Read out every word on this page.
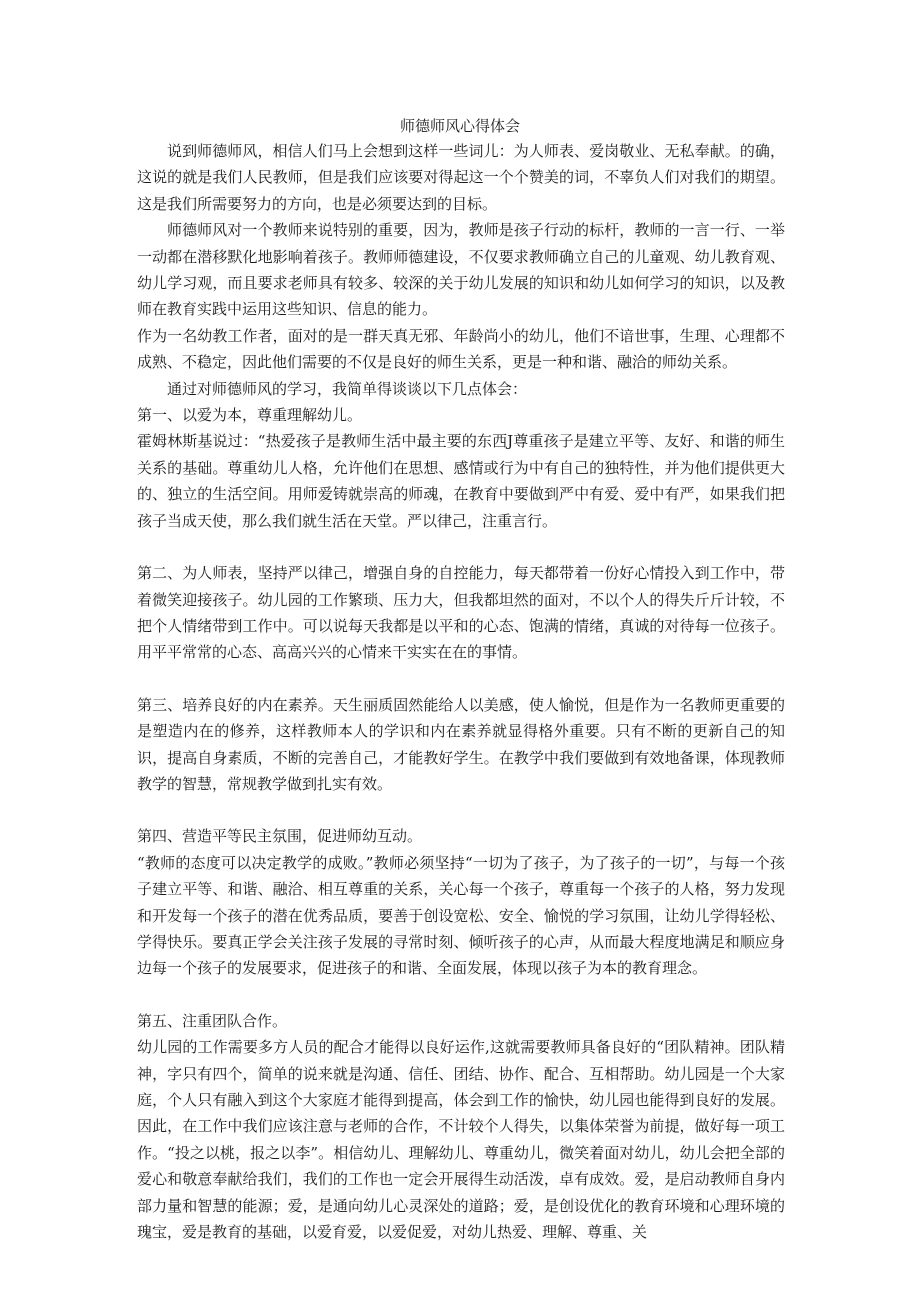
师德师风心得体会

说到师德师风，相信人们马上会想到这样一些词儿：为人师表、爱岗敬业、无私奉献。的确，这说的就是我们人民教师，但是我们应该要对得起这一个个赞美的词，不辜负人们对我们的期望。这是我们所需要努力的方向，也是必须要达到的目标。

师德师风对一个教师来说特别的重要，因为，教师是孩子行动的标杆，教师的一言一行、一举一动都在潜移默化地影响着孩子。教师师德建设，不仅要求教师确立自己的儿童观、幼儿教育观、幼儿学习观，而且要求老师具有较多、较深的关于幼儿发展的知识和幼儿如何学习的知识，以及教师在教育实践中运用这些知识、信息的能力。

作为一名幼教工作者，面对的是一群天真无邪、年龄尚小的幼儿，他们不谙世事，生理、心理都不成熟、不稳定，因此他们需要的不仅是良好的师生关系，更是一种和谐、融洽的师幼关系。

通过对师德师风的学习，我简单得谈谈以下几点体会：

第一、以爱为本，尊重理解幼儿。

霍姆林斯基说过：“热爱孩子是教师生活中最主要的东西J尊重孩子是建立平等、友好、和谐的师生关系的基础。尊重幼儿人格，允许他们在思想、感情或行为中有自己的独特性，并为他们提供更大的、独立的生活空间。用师爱铸就崇高的师魂，在教育中要做到严中有爱、爱中有严，如果我们把孩子当成天使，那么我们就生活在天堂。严以律己，注重言行。

第二、为人师表，坚持严以律己，增强自身的自控能力，每天都带着一份好心情投入到工作中，带着微笑迎接孩子。幼儿园的工作繁琐、压力大，但我都坦然的面对，不以个人的得失斤斤计较，不把个人情绪带到工作中。可以说每天我都是以平和的心态、饱满的情绪，真诚的对待每一位孩子。用平平常常的心态、高高兴兴的心情来干实实在在的事情。

第三、培养良好的内在素养。天生丽质固然能给人以美感，使人愉悦，但是作为一名教师更重要的是塑造内在的修养，这样教师本人的学识和内在素养就显得格外重要。只有不断的更新自己的知识，提高自身素质，不断的完善自己，才能教好学生。在教学中我们要做到有效地备课，体现教师教学的智慧，常规教学做到扎实有效。

第四、营造平等民主氛围，促进师幼互动。

“教师的态度可以决定教学的成败。”教师必须坚持“一切为了孩子，为了孩子的一切”，与每一个孩子建立平等、和谐、融洽、相互尊重的关系，关心每一个孩子，尊重每一个孩子的人格，努力发现和开发每一个孩子的潜在优秀品质，要善于创设宽松、安全、愉悦的学习氛围，让幼儿学得轻松、学得快乐。要真正学会关注孩子发展的寻常时刻、倾听孩子的心声，从而最大程度地满足和顺应身边每一个孩子的发展要求，促进孩子的和谐、全面发展，体现以孩子为本的教育理念。

第五、注重团队合作。

幼儿园的工作需要多方人员的配合才能得以良好运作,这就需要教师具备良好的“团队精神。团队精神，字只有四个，简单的说来就是沟通、信任、团结、协作、配合、互相帮助。幼儿园是一个大家庭，个人只有融入到这个大家庭才能得到提高，体会到工作的愉快，幼儿园也能得到良好的发展。因此，在工作中我们应该注意与老师的合作，不计较个人得失，以集体荣誉为前提，做好每一项工作。“投之以桃，报之以李”。相信幼儿、理解幼儿、尊重幼儿，微笑着面对幼儿，幼儿会把全部的爱心和敬意奉献给我们，我们的工作也一定会开展得生动活泼，卓有成效。爱，是启动教师自身内部力量和智慧的能源；爱，是通向幼儿心灵深处的道路；爱，是创设优化的教育环境和心理环境的瑰宝，爱是教育的基础，以爱育爱，以爱促爱，对幼儿热爱、理解、尊重、关
